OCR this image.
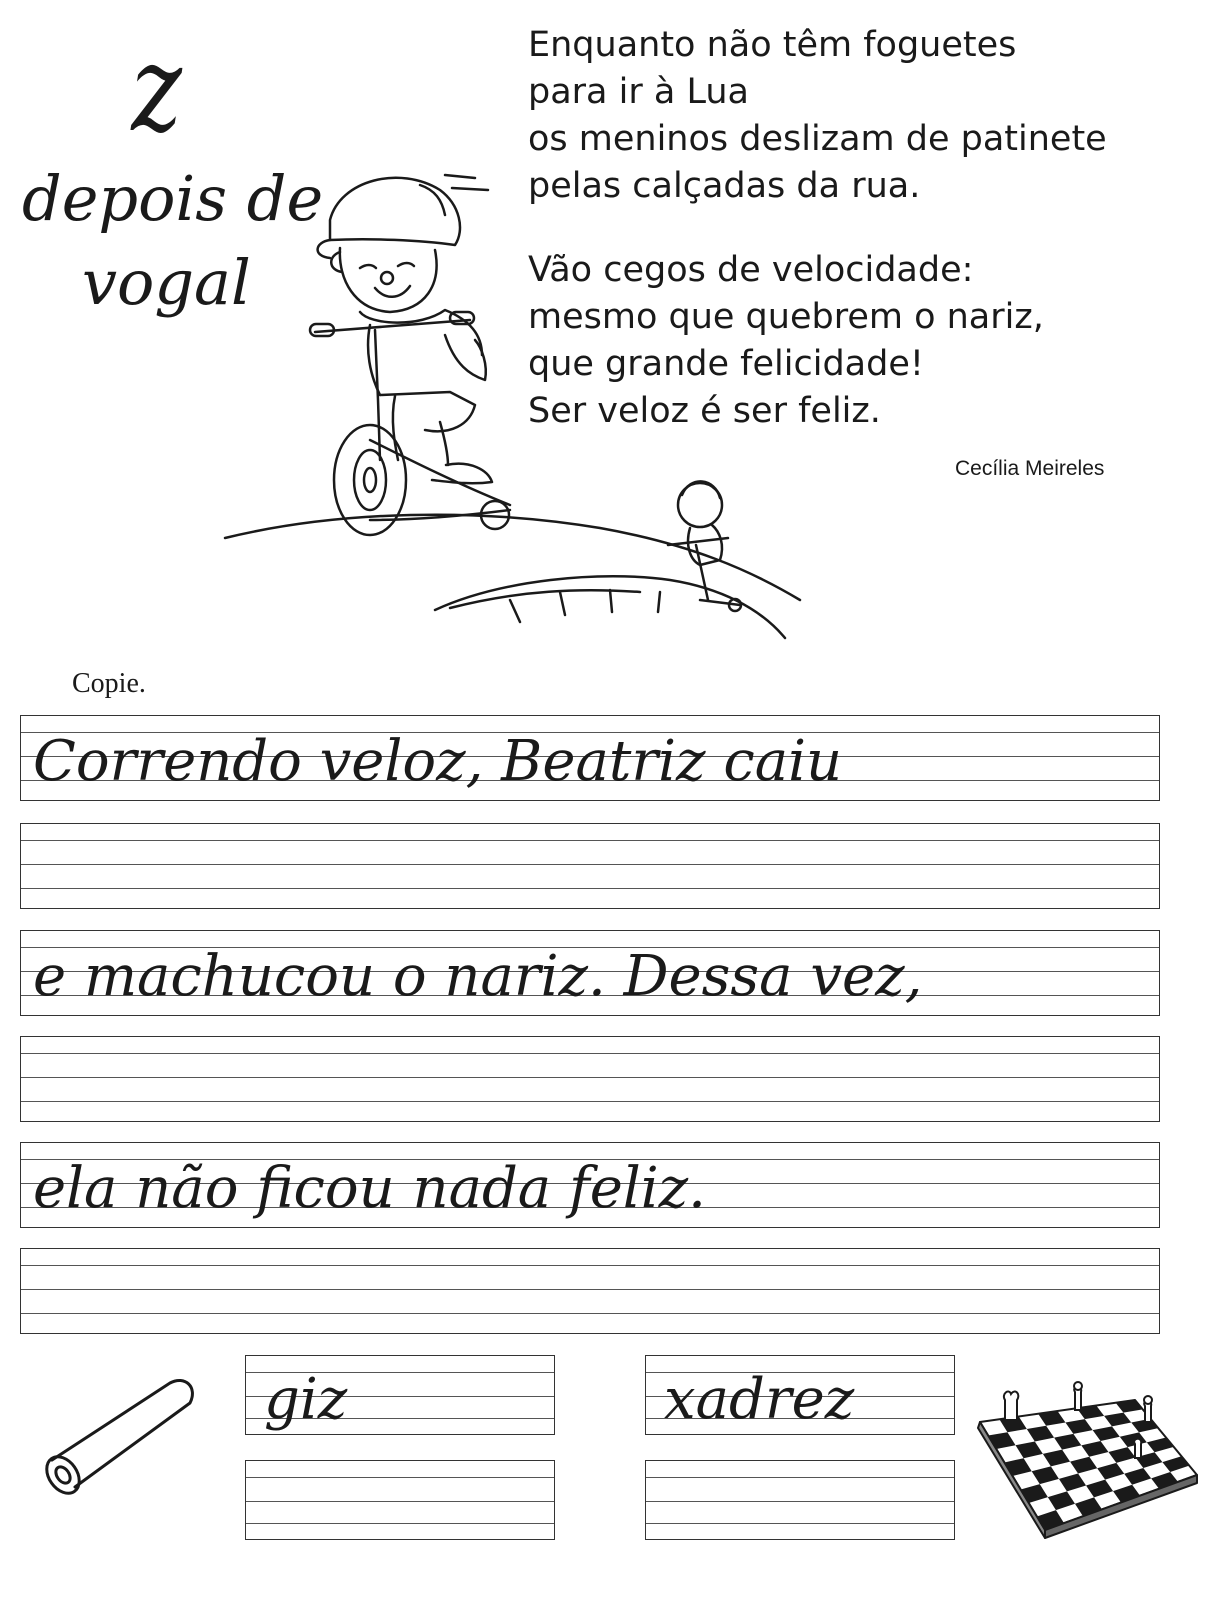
z
depois de
vogal
Enquanto não têm foguetes
para ir à Lua
os meninos deslizam de patinete
pelas calçadas da rua.
Vão cegos de velocidade:
mesmo que quebrem o nariz,
que grande felicidade!
Ser veloz é ser feliz.
Cecília Meireles
Copie.
Correndo veloz, Beatriz caiu
e machucou o nariz. Dessa vez,
ela não ficou nada feliz.
giz	xadrez
